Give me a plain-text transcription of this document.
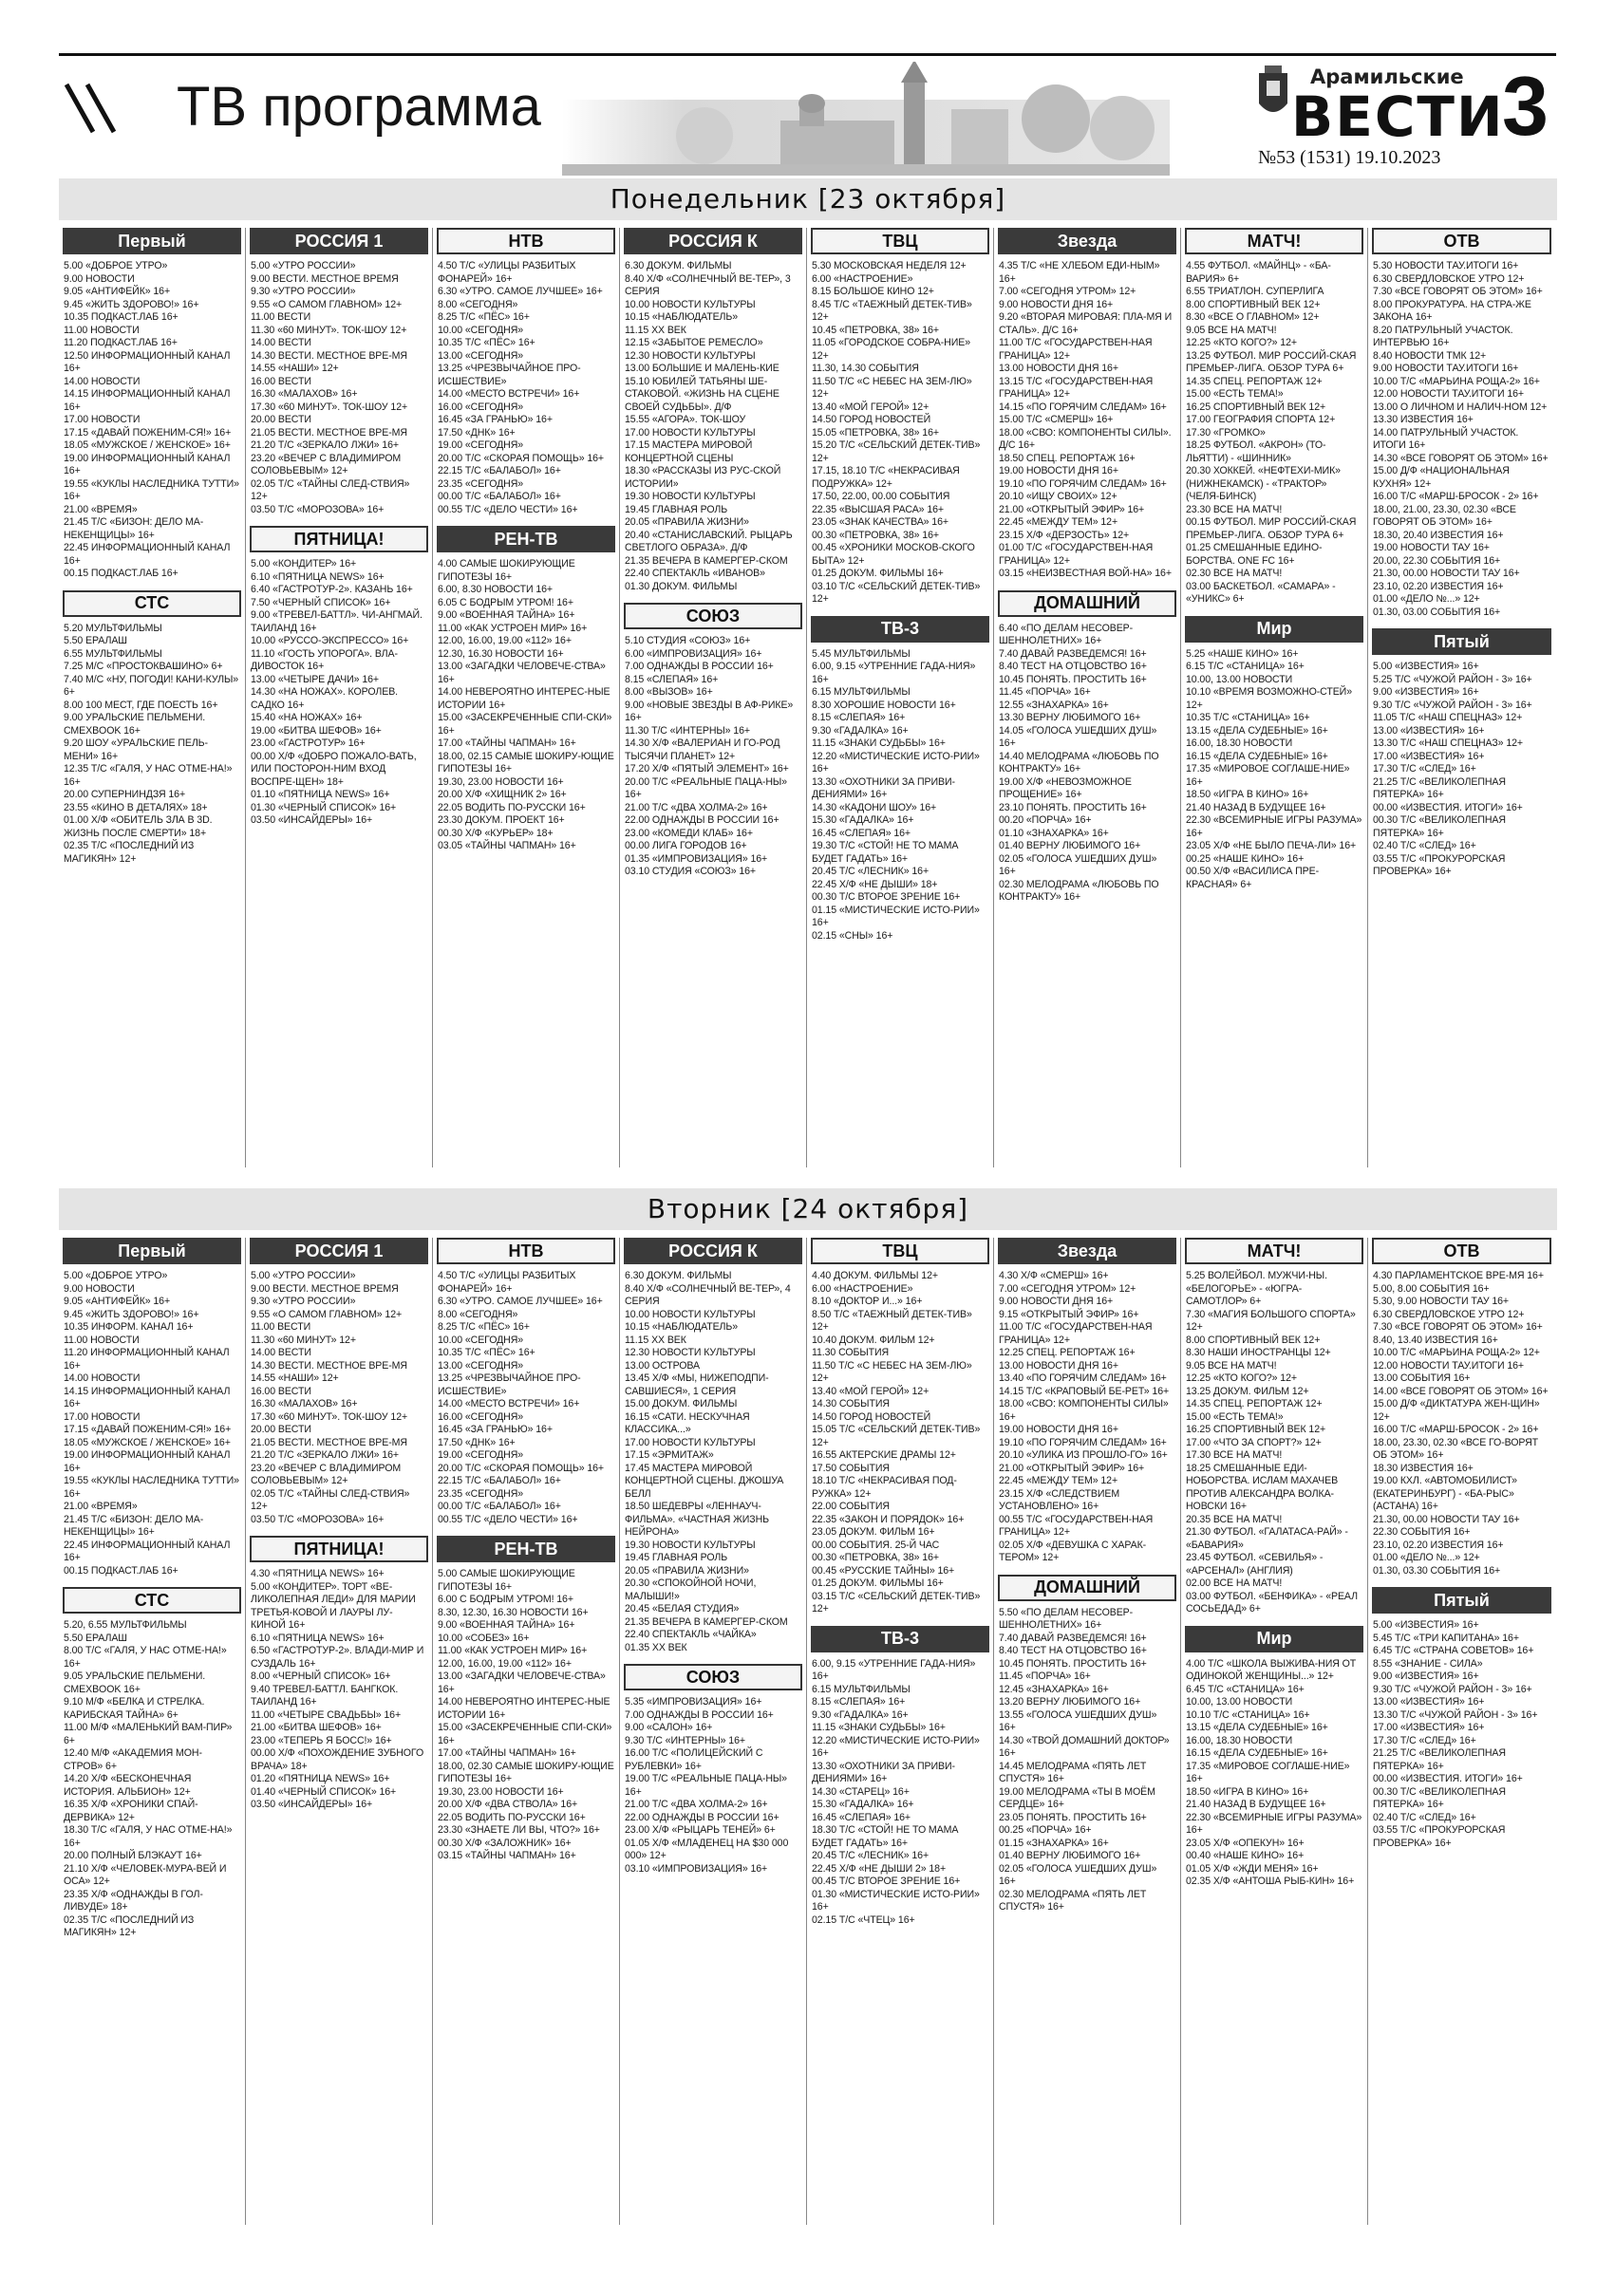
ТВ программа	Арамильские
ВЕСТИ
№53 (1531) 19.10.2023
3
Понедельник [23 октября]
Первый
5.00 «ДОБРОЕ УТРО»
9.00 НОВОСТИ
9.05 «АНТИФЕЙК» 16+
9.45 «ЖИТЬ ЗДОРОВО!» 16+
10.35 ПОДКАСТ.ЛАБ 16+
11.00 НОВОСТИ
11.20 ПОДКАСТ.ЛАБ 16+
12.50 ИНФОРМАЦИОННЫЙ КАНАЛ 16+
14.00 НОВОСТИ
14.15 ИНФОРМАЦИОННЫЙ КАНАЛ 16+
17.00 НОВОСТИ
17.15 «ДАВАЙ ПОЖЕНИМ-СЯ!» 16+
18.05 «МУЖСКОЕ / ЖЕНСКОЕ» 16+
19.00 ИНФОРМАЦИОННЫЙ КАНАЛ 16+
19.55 «КУКЛЫ НАСЛЕДНИКА ТУТТИ» 16+
21.00 «ВРЕМЯ»
21.45 Т/С «БИЗОН: ДЕЛО МА-НЕКЕНЩИЦЫ» 16+
22.45 ИНФОРМАЦИОННЫЙ КАНАЛ 16+
00.15 ПОДКАСТ.ЛАБ 16+
СТС
5.20 МУЛЬТФИЛЬМЫ
5.50 ЕРАЛАШ
6.55 МУЛЬТФИЛЬМЫ
7.25 М/С «ПРОСТОКВАШИНО» 6+
7.40 М/С «НУ, ПОГОДИ! КАНИ-КУЛЫ» 6+
8.00 100 МЕСТ, ГДЕ ПОЕСТЬ 16+
9.00 УРАЛЬСКИЕ ПЕЛЬМЕНИ. СМЕХBOOK 16+
9.20 ШОУ «УРАЛЬСКИЕ ПЕЛЬ-МЕНИ» 16+
12.35 Т/С «ГАЛЯ, У НАС ОТМЕ-НА!» 16+
20.00 СУПЕРНИНДЗЯ 16+
23.55 «КИНО В ДЕТАЛЯХ» 18+
01.00 Х/Ф «ОБИТЕЛЬ ЗЛА В 3D. ЖИЗНЬ ПОСЛЕ СМЕРТИ» 18+
02.35 Т/С «ПОСЛЕДНИЙ ИЗ МАГИКЯН» 12+
РОССИЯ 1
5.00 «УТРО РОССИИ»
9.00 ВЕСТИ. МЕСТНОЕ ВРЕМЯ
9.30 «УТРО РОССИИ»
9.55 «О САМОМ ГЛАВНОМ» 12+
11.00 ВЕСТИ
11.30 «60 МИНУТ». ТОК-ШОУ 12+
14.00 ВЕСТИ
14.30 ВЕСТИ. МЕСТНОЕ ВРЕ-МЯ
14.55 «НАШИ» 12+
16.00 ВЕСТИ
16.30 «МАЛАХОВ» 16+
17.30 «60 МИНУТ». ТОК-ШОУ 12+
20.00 ВЕСТИ
21.05 ВЕСТИ. МЕСТНОЕ ВРЕ-МЯ
21.20 Т/С «ЗЕРКАЛО ЛЖИ» 16+
23.20 «ВЕЧЕР С ВЛАДИМИРОМ СОЛОВЬЕВЫМ» 12+
02.05 Т/С «ТАЙНЫ СЛЕД-СТВИЯ» 12+
03.50 Т/С «МОРОЗОВА» 16+
ПЯТНИЦА!
5.00 «КОНДИТЕР» 16+
6.10 «ПЯТНИЦА NEWS» 16+
6.40 «ГАСТРОТУР-2». КАЗАНЬ 16+
7.50 «ЧЕРНЫЙ СПИСОК» 16+
9.00 «ТРЕВЕЛ-БАТТЛ». ЧИ-АНГМАЙ. ТАИЛАНД 16+
10.00 «РУССО-ЭКСПРЕССО» 16+
11.10 «ГОСТЬ УПОРОГА». ВЛА-ДИВОСТОК 16+
13.00 «ЧЕТЫРЕ ДАЧИ» 16+
14.30 «НА НОЖАХ». КОРОЛЕВ. САДКО 16+
15.40 «НА НОЖАХ» 16+
19.00 «БИТВА ШЕФОВ» 16+
23.00 «ГАСТРОТУР» 16+
00.00 Х/Ф «ДОБРО ПОЖАЛО-ВАТЬ, ИЛИ ПОСТОРОН-НИМ ВХОД ВОСПРЕ-ЩЕН» 18+
01.10 «ПЯТНИЦА NEWS» 16+
01.30 «ЧЕРНЫЙ СПИСОК» 16+
03.50 «ИНСАЙДЕРЫ» 16+
НТВ
4.50 Т/С «УЛИЦЫ РАЗБИТЫХ ФОНАРЕЙ» 16+
6.30 «УТРО. САМОЕ ЛУЧШЕЕ» 16+
8.00 «СЕГОДНЯ»
8.25 Т/С «ПЁС» 16+
10.00 «СЕГОДНЯ»
10.35 Т/С «ПЁС» 16+
13.00 «СЕГОДНЯ»
13.25 «ЧРЕЗВЫЧАЙНОЕ ПРО-ИСШЕСТВИЕ»
14.00 «МЕСТО ВСТРЕЧИ» 16+
16.00 «СЕГОДНЯ»
16.45 «ЗА ГРАНЬЮ» 16+
17.50 «ДНК» 16+
19.00 «СЕГОДНЯ»
20.00 Т/С «СКОРАЯ ПОМОЩЬ» 16+
22.15 Т/С «БАЛАБОЛ» 16+
23.35 «СЕГОДНЯ»
00.00 Т/С «БАЛАБОЛ» 16+
00.55 Т/С «ДЕЛО ЧЕСТИ» 16+
РЕН-ТВ
4.00 САМЫЕ ШОКИРУЮЩИЕ ГИПОТЕЗЫ 16+
6.00, 8.30 НОВОСТИ 16+
6.05 С БОДРЫМ УТРОМ! 16+
9.00 «ВОЕННАЯ ТАЙНА» 16+
11.00 «КАК УСТРОЕН МИР» 16+
12.00, 16.00, 19.00 «112» 16+
12.30, 16.30 НОВОСТИ 16+
13.00 «ЗАГАДКИ ЧЕЛОВЕЧЕ-СТВА» 16+
14.00 НЕВЕРОЯТНО ИНТЕРЕС-НЫЕ ИСТОРИИ 16+
15.00 «ЗАСЕКРЕЧЕННЫЕ СПИ-СКИ» 16+
17.00 «ТАЙНЫ ЧАПМАН» 16+
18.00, 02.15 САМЫЕ ШОКИРУ-ЮЩИЕ ГИПОТЕЗЫ 16+
19.30, 23.00 НОВОСТИ 16+
20.00 Х/Ф «ХИЩНИК 2» 16+
22.05 ВОДИТЬ ПО-РУССКИ 16+
23.30 ДОКУМ. ПРОЕКТ 16+
00.30 Х/Ф «КУРЬЕР» 18+
03.05 «ТАЙНЫ ЧАПМАН» 16+
РОССИЯ К
6.30 ДОКУМ. ФИЛЬМЫ
8.40 Х/Ф «СОЛНЕЧНЫЙ ВЕ-ТЕР», 3 СЕРИЯ
10.00 НОВОСТИ КУЛЬТУРЫ
10.15 «НАБЛЮДАТЕЛЬ»
11.15 ХХ ВЕК
12.15 «ЗАБЫТОЕ РЕМЕСЛО»
12.30 НОВОСТИ КУЛЬТУРЫ
13.00 БОЛЬШИЕ И МАЛЕНЬ-КИЕ
15.10 ЮБИЛЕЙ ТАТЬЯНЫ ШЕ-СТАКОВОЙ. «ЖИЗНЬ НА СЦЕНЕ СВОЕЙ СУДЬБЫ». Д/Ф
15.55 «АГОРА». ТОК-ШОУ
17.00 НОВОСТИ КУЛЬТУРЫ
17.15 МАСТЕРА МИРОВОЙ КОНЦЕРТНОЙ СЦЕНЫ
18.30 «РАССКАЗЫ ИЗ РУС-СКОЙ ИСТОРИИ»
19.30 НОВОСТИ КУЛЬТУРЫ
19.45 ГЛАВНАЯ РОЛЬ
20.05 «ПРАВИЛА ЖИЗНИ»
20.40 «СТАНИСЛАВСКИЙ. РЫЦАРЬ СВЕТЛОГО ОБРАЗА». Д/Ф
21.35 ВЕЧЕРА В КАМЕРГЕР-СКОМ
22.40 СПЕКТАКЛЬ «ИВАНОВ»
01.30 ДОКУМ. ФИЛЬМЫ
СОЮЗ
5.10 СТУДИЯ «СОЮЗ» 16+
6.00 «ИМПРОВИЗАЦИЯ» 16+
7.00 ОДНАЖДЫ В РОССИИ 16+
8.15 «СЛЕПАЯ» 16+
8.00 «ВЫЗОВ» 16+
9.00 «НОВЫЕ ЗВЕЗДЫ В АФ-РИКЕ» 16+
11.30 Т/С «ИНТЕРНЫ» 16+
14.30 Х/Ф «ВАЛЕРИАН И ГО-РОД ТЫСЯЧИ ПЛАНЕТ» 12+
17.20 Х/Ф «ПЯТЫЙ ЭЛЕМЕНТ» 16+
20.00 Т/С «РЕАЛЬНЫЕ ПАЦА-НЫ» 16+
21.00 Т/С «ДВА ХОЛМА-2» 16+
22.00 ОДНАЖДЫ В РОССИИ 16+
23.00 «КОМЕДИ КЛАБ» 16+
00.00 ЛИГА ГОРОДОВ 16+
01.35 «ИМПРОВИЗАЦИЯ» 16+
03.10 СТУДИЯ «СОЮЗ» 16+
ТВЦ
5.30 МОСКОВСКАЯ НЕДЕЛЯ 12+
6.00 «НАСТРОЕНИЕ»
8.15 БОЛЬШОЕ КИНО 12+
8.45 Т/С «ТАЕЖНЫЙ ДЕТЕК-ТИВ» 12+
10.45 «ПЕТРОВКА, 38» 16+
11.05 «ГОРОДСКОЕ СОБРА-НИЕ» 12+
11.30, 14.30 СОБЫТИЯ
11.50 Т/С «С НЕБЕС НА ЗЕМ-ЛЮ» 12+
13.40 «МОЙ ГЕРОЙ» 12+
14.50 ГОРОД НОВОСТЕЙ
15.05 «ПЕТРОВКА, 38» 16+
15.20 Т/С «СЕЛЬСКИЙ ДЕТЕК-ТИВ» 12+
17.15, 18.10 Т/С «НЕКРАСИВАЯ ПОДРУЖКА» 12+
17.50, 22.00, 00.00 СОБЫТИЯ
22.35 «ВЫСШАЯ РАСА» 16+
23.05 «ЗНАК КАЧЕСТВА» 16+
00.30 «ПЕТРОВКА, 38» 16+
00.45 «ХРОНИКИ МОСКОВ-СКОГО БЫТА» 12+
01.25 ДОКУМ. ФИЛЬМЫ 16+
03.10 Т/С «СЕЛЬСКИЙ ДЕТЕК-ТИВ» 12+
ТВ-3
5.45 МУЛЬТФИЛЬМЫ
6.00, 9.15 «УТРЕННИЕ ГАДА-НИЯ» 16+
6.15 МУЛЬТФИЛЬМЫ
8.30 ХОРОШИЕ НОВОСТИ 16+
8.15 «СЛЕПАЯ» 16+
9.30 «ГАДАЛКА» 16+
11.15 «ЗНАКИ СУДЬБЫ» 16+
12.20 «МИСТИЧЕСКИЕ ИСТО-РИИ» 16+
13.30 «ОХОТНИКИ ЗА ПРИВИ-ДЕНИЯМИ» 16+
14.30 «КАДОНИ ШОУ» 16+
15.30 «ГАДАЛКА» 16+
16.45 «СЛЕПАЯ» 16+
19.30 Т/С «СТОЙ! НЕ ТО МАМА БУДЕТ ГАДАТЬ» 16+
20.45 Т/С «ЛЕСНИК» 16+
22.45 Х/Ф «НЕ ДЫШИ» 18+
00.30 Т/С ВТОРОЕ ЗРЕНИЕ 16+
01.15 «МИСТИЧЕСКИЕ ИСТО-РИИ» 16+
02.15 «СНЫ» 16+
Звезда
4.35 Т/С «НЕ ХЛЕБОМ ЕДИ-НЫМ» 16+
7.00 «СЕГОДНЯ УТРОМ» 12+
9.00 НОВОСТИ ДНЯ 16+
9.20 «ВТОРАЯ МИРОВАЯ: ПЛА-МЯ И СТАЛЬ». Д/С 16+
11.00 Т/С «ГОСУДАРСТВЕН-НАЯ ГРАНИЦА» 12+
13.00 НОВОСТИ ДНЯ 16+
13.15 Т/С «ГОСУДАРСТВЕН-НАЯ ГРАНИЦА» 12+
14.15 «ПО ГОРЯЧИМ СЛЕДАМ» 16+
15.00 Т/С «СМЕРШ» 16+
18.00 «СВО: КОМПОНЕНТЫ СИЛЫ». Д/С 16+
18.50 СПЕЦ. РЕПОРТАЖ 16+
19.00 НОВОСТИ ДНЯ 16+
19.10 «ПО ГОРЯЧИМ СЛЕДАМ» 16+
20.10 «ИЩУ СВОИХ» 12+
21.00 «ОТКРЫТЫЙ ЭФИР» 16+
22.45 «МЕЖДУ ТЕМ» 12+
23.15 Х/Ф «ДЕРЗОСТЬ» 12+
01.00 Т/С «ГОСУДАРСТВЕН-НАЯ ГРАНИЦА» 12+
03.15 «НЕИЗВЕСТНАЯ ВОЙ-НА» 16+
ДОМАШНИЙ
6.40 «ПО ДЕЛАМ НЕСОВЕР-ШЕННОЛЕТНИХ» 16+
7.40 ДАВАЙ РАЗВЕДЕМСЯ! 16+
8.40 ТЕСТ НА ОТЦОВСТВО 16+
10.45 ПОНЯТЬ. ПРОСТИТЬ 16+
11.45 «ПОРЧА» 16+
12.55 «ЗНАХАРКА» 16+
13.30 ВЕРНУ ЛЮБИМОГО 16+
14.05 «ГОЛОСА УШЕДШИХ ДУШ» 16+
14.40 МЕЛОДРАМА «ЛЮБОВЬ ПО КОНТРАКТУ» 16+
19.00 Х/Ф «НЕВОЗМОЖНОЕ ПРОЩЕНИЕ» 16+
23.10 ПОНЯТЬ. ПРОСТИТЬ 16+
00.20 «ПОРЧА» 16+
01.10 «ЗНАХАРКА» 16+
01.40 ВЕРНУ ЛЮБИМОГО 16+
02.05 «ГОЛОСА УШЕДШИХ ДУШ» 16+
02.30 МЕЛОДРАМА «ЛЮБОВЬ ПО КОНТРАКТУ» 16+
МАТЧ!
4.55 ФУТБОЛ. «МАЙНЦ» - «БА-ВАРИЯ» 6+
6.55 ТРИАТЛОН. СУПЕРЛИГА
8.00 СПОРТИВНЫЙ ВЕК 12+
8.30 «ВСЕ О ГЛАВНОМ» 12+
9.05 ВСЕ НА МАТЧ!
12.25 «КТО КОГО?» 12+
13.25 ФУТБОЛ. МИР РОССИЙ-СКАЯ ПРЕМЬЕР-ЛИГА. ОБЗОР ТУРА 6+
14.35 СПЕЦ. РЕПОРТАЖ 12+
15.00 «ЕСТЬ ТЕМА!»
16.25 СПОРТИВНЫЙ ВЕК 12+
17.00 ГЕОГРАФИЯ СПОРТА 12+
17.30 «ГРОМКО»
18.25 ФУТБОЛ. «АКРОН» (ТО-ЛЬЯТТИ) - «ШИННИК»
20.30 ХОККЕЙ. «НЕФТЕХИ-МИК» (НИЖНЕКАМСК) - «ТРАКТОР» (ЧЕЛЯ-БИНСК)
23.30 ВСЕ НА МАТЧ!
00.15 ФУТБОЛ. МИР РОССИЙ-СКАЯ ПРЕМЬЕР-ЛИГА. ОБЗОР ТУРА 6+
01.25 СМЕШАННЫЕ ЕДИНО-БОРСТВА. ONE FC 16+
02.30 ВСЕ НА МАТЧ!
03.00 БАСКЕТБОЛ. «САМАРА» - «УНИКС» 6+
Мир
5.25 «НАШЕ КИНО» 16+
6.15 Т/С «СТАНИЦА» 16+
10.00, 13.00 НОВОСТИ
10.10 «ВРЕМЯ ВОЗМОЖНО-СТЕЙ» 12+
10.35 Т/С «СТАНИЦА» 16+
13.15 «ДЕЛА СУДЕБНЫЕ» 16+
16.00, 18.30 НОВОСТИ
16.15 «ДЕЛА СУДЕБНЫЕ» 16+
17.35 «МИРОВОЕ СОГЛАШЕ-НИЕ» 16+
18.50 «ИГРА В КИНО» 16+
21.40 НАЗАД В БУДУЩЕЕ 16+
22.30 «ВСЕМИРНЫЕ ИГРЫ РАЗУМА» 16+
23.05 Х/Ф «НЕ БЫЛО ПЕЧА-ЛИ» 16+
00.25 «НАШЕ КИНО» 16+
00.50 Х/Ф «ВАСИЛИСА ПРЕ-КРАСНАЯ» 6+
ОТВ
5.30 НОВОСТИ ТАУ.ИТОГИ 16+
6.30 СВЕРДЛОВСКОЕ УТРО 12+
7.30 «ВСЕ ГОВОРЯТ ОБ ЭТОМ» 16+
8.00 ПРОКУРАТУРА. НА СТРА-ЖЕ ЗАКОНА 16+
8.20 ПАТРУЛЬНЫЙ УЧАСТОК. ИНТЕРВЬЮ 16+
8.40 НОВОСТИ ТМК 12+
9.00 НОВОСТИ ТАУ.ИТОГИ 16+
10.00 Т/С «МАРЬИНА РОЩА-2» 16+
12.00 НОВОСТИ ТАУ.ИТОГИ 16+
13.00 О ЛИЧНОМ И НАЛИЧ-НОМ 12+
13.30 ИЗВЕСТИЯ 16+
14.00 ПАТРУЛЬНЫЙ УЧАСТОК. ИТОГИ 16+
14.30 «ВСЕ ГОВОРЯТ ОБ ЭТОМ» 16+
15.00 Д/Ф «НАЦИОНАЛЬНАЯ КУХНЯ» 12+
16.00 Т/С «МАРШ-БРОСОК - 2» 16+
18.00, 21.00, 23.30, 02.30 «ВСЕ ГОВОРЯТ ОБ ЭТОМ» 16+
18.30, 20.40 ИЗВЕСТИЯ 16+
19.00 НОВОСТИ ТАУ 16+
20.00, 22.30 СОБЫТИЯ 16+
21.30, 00.00 НОВОСТИ ТАУ 16+
23.10, 02.20 ИЗВЕСТИЯ 16+
01.00 «ДЕЛО №...» 12+
01.30, 03.00 СОБЫТИЯ 16+
Пятый
5.00 «ИЗВЕСТИЯ» 16+
5.25 Т/С «ЧУЖОЙ РАЙОН - 3» 16+
9.00 «ИЗВЕСТИЯ» 16+
9.30 Т/С «ЧУЖОЙ РАЙОН - 3» 16+
11.05 Т/С «НАШ СПЕЦНАЗ» 12+
13.00 «ИЗВЕСТИЯ» 16+
13.30 Т/С «НАШ СПЕЦНАЗ» 12+
17.00 «ИЗВЕСТИЯ» 16+
17.30 Т/С «СЛЕД» 16+
21.25 Т/С «ВЕЛИКОЛЕПНАЯ ПЯТЕРКА» 16+
00.00 «ИЗВЕСТИЯ. ИТОГИ» 16+
00.30 Т/С «ВЕЛИКОЛЕПНАЯ ПЯТЕРКА» 16+
02.40 Т/С «СЛЕД» 16+
03.55 Т/С «ПРОКУРОРСКАЯ ПРОВЕРКА» 16+
Вторник [24 октября]
Первый
5.00 «ДОБРОЕ УТРО»
9.00 НОВОСТИ
9.05 «АНТИФЕЙК» 16+
9.45 «ЖИТЬ ЗДОРОВО!» 16+
10.35 ИНФОРМ. КАНАЛ 16+
11.00 НОВОСТИ
11.20 ИНФОРМАЦИОННЫЙ КАНАЛ 16+
14.00 НОВОСТИ
14.15 ИНФОРМАЦИОННЫЙ КАНАЛ 16+
17.00 НОВОСТИ
17.15 «ДАВАЙ ПОЖЕНИМ-СЯ!» 16+
18.05 «МУЖСКОЕ / ЖЕНСКОЕ» 16+
19.00 ИНФОРМАЦИОННЫЙ КАНАЛ 16+
19.55 «КУКЛЫ НАСЛЕДНИКА ТУТТИ» 16+
21.00 «ВРЕМЯ»
21.45 Т/С «БИЗОН: ДЕЛО МА-НЕКЕНЩИЦЫ» 16+
22.45 ИНФОРМАЦИОННЫЙ КАНАЛ 16+
00.15 ПОДКАСТ.ЛАБ 16+
СТС
5.20, 6.55 МУЛЬТФИЛЬМЫ
5.50 ЕРАЛАШ
8.00 Т/С «ГАЛЯ, У НАС ОТМЕ-НА!» 16+
9.05 УРАЛЬСКИЕ ПЕЛЬМЕНИ. СМЕХBOOK 16+
9.10 М/Ф «БЕЛКА И СТРЕЛКА. КАРИБСКАЯ ТАЙНА» 6+
11.00 М/Ф «МАЛЕНЬКИЙ ВАМ-ПИР» 6+
12.40 М/Ф «АКАДЕМИЯ МОН-СТРОВ» 6+
14.20 Х/Ф «БЕСКОНЕЧНАЯ ИСТОРИЯ. АЛЬБИОН» 12+
16.35 Х/Ф «ХРОНИКИ СПАЙ-ДЕРВИКА» 12+
18.30 Т/С «ГАЛЯ, У НАС ОТМЕ-НА!» 16+
20.00 ПОЛНЫЙ БЛЭКАУТ 16+
21.10 Х/Ф «ЧЕЛОВЕК-МУРА-ВЕЙ И ОСА» 12+
23.35 Х/Ф «ОДНАЖДЫ В ГОЛ-ЛИВУДЕ» 18+
02.35 Т/С «ПОСЛЕДНИЙ ИЗ МАГИКЯН» 12+
РОССИЯ 1
5.00 «УТРО РОССИИ»
9.00 ВЕСТИ. МЕСТНОЕ ВРЕМЯ
9.30 «УТРО РОССИИ»
9.55 «О САМОМ ГЛАВНОМ» 12+
11.00 ВЕСТИ
11.30 «60 МИНУТ» 12+
14.00 ВЕСТИ
14.30 ВЕСТИ. МЕСТНОЕ ВРЕ-МЯ
14.55 «НАШИ» 12+
16.00 ВЕСТИ
16.30 «МАЛАХОВ» 16+
17.30 «60 МИНУТ». ТОК-ШОУ 12+
20.00 ВЕСТИ
21.05 ВЕСТИ. МЕСТНОЕ ВРЕ-МЯ
21.20 Т/С «ЗЕРКАЛО ЛЖИ» 16+
23.20 «ВЕЧЕР С ВЛАДИМИРОМ СОЛОВЬЕВЫМ» 12+
02.05 Т/С «ТАЙНЫ СЛЕД-СТВИЯ» 12+
03.50 Т/С «МОРОЗОВА» 16+
ПЯТНИЦА!
4.30 «ПЯТНИЦА NEWS» 16+
5.00 «КОНДИТЕР». ТОРТ «ВЕ-ЛИКОЛЕПНАЯ ЛЕДИ» ДЛЯ МАРИИ ТРЕТЬЯ-КОВОЙ И ЛАУРЫ ЛУ-КИНОЙ 16+
6.10 «ПЯТНИЦА NEWS» 16+
6.50 «ГАСТРОТУР-2». ВЛАДИ-МИР И СУЗДАЛЬ 16+
8.00 «ЧЕРНЫЙ СПИСОК» 16+
9.40 ТРЕВЕЛ-БАТТЛ. БАНГКОК. ТАИЛАНД 16+
11.00 «ЧЕТЫРЕ СВАДЬБЫ» 16+
21.00 «БИТВА ШЕФОВ» 16+
23.00 «ТЕПЕРЬ Я БОСС!» 16+
00.00 Х/Ф «ПОХОЖДЕНИЕ ЗУБНОГО ВРАЧА» 18+
01.20 «ПЯТНИЦА NEWS» 16+
01.40 «ЧЕРНЫЙ СПИСОК» 16+
03.50 «ИНСАЙДЕРЫ» 16+
НТВ
4.50 Т/С «УЛИЦЫ РАЗБИТЫХ ФОНАРЕЙ» 16+
6.30 «УТРО. САМОЕ ЛУЧШЕЕ» 16+
8.00 «СЕГОДНЯ»
8.25 Т/С «ПЁС» 16+
10.00 «СЕГОДНЯ»
10.35 Т/С «ПЁС» 16+
13.00 «СЕГОДНЯ»
13.25 «ЧРЕЗВЫЧАЙНОЕ ПРО-ИСШЕСТВИЕ»
14.00 «МЕСТО ВСТРЕЧИ» 16+
16.00 «СЕГОДНЯ»
16.45 «ЗА ГРАНЬЮ» 16+
17.50 «ДНК» 16+
19.00 «СЕГОДНЯ»
20.00 Т/С «СКОРАЯ ПОМОЩЬ» 16+
22.15 Т/С «БАЛАБОЛ» 16+
23.35 «СЕГОДНЯ»
00.00 Т/С «БАЛАБОЛ» 16+
00.55 Т/С «ДЕЛО ЧЕСТИ» 16+
РЕН-ТВ
5.00 САМЫЕ ШОКИРУЮЩИЕ ГИПОТЕЗЫ 16+
6.00 С БОДРЫМ УТРОМ! 16+
8.30, 12.30, 16.30 НОВОСТИ 16+
9.00 «ВОЕННАЯ ТАЙНА» 16+
10.00 «СОБЕЗ» 16+
11.00 «КАК УСТРОЕН МИР» 16+
12.00, 16.00, 19.00 «112» 16+
13.00 «ЗАГАДКИ ЧЕЛОВЕЧЕ-СТВА» 16+
14.00 НЕВЕРОЯТНО ИНТЕРЕС-НЫЕ ИСТОРИИ 16+
15.00 «ЗАСЕКРЕЧЕННЫЕ СПИ-СКИ» 16+
17.00 «ТАЙНЫ ЧАПМАН» 16+
18.00, 02.30 САМЫЕ ШОКИРУ-ЮЩИЕ ГИПОТЕЗЫ 16+
19.30, 23.00 НОВОСТИ 16+
20.00 Х/Ф «ДВА СТВОЛА» 16+
22.05 ВОДИТЬ ПО-РУССКИ 16+
23.30 «ЗНАЕТЕ ЛИ ВЫ, ЧТО?» 16+
00.30 Х/Ф «ЗАЛОЖНИК» 16+
03.15 «ТАЙНЫ ЧАПМАН» 16+
РОССИЯ К
6.30 ДОКУМ. ФИЛЬМЫ
8.40 Х/Ф «СОЛНЕЧНЫЙ ВЕ-ТЕР», 4 СЕРИЯ
10.00 НОВОСТИ КУЛЬТУРЫ
10.15 «НАБЛЮДАТЕЛЬ»
11.15 ХХ ВЕК
12.30 НОВОСТИ КУЛЬТУРЫ
13.00 ОСТРОВА
13.45 Х/Ф «МЫ, НИЖЕПОДПИ-САВШИЕСЯ», 1 СЕРИЯ
15.00 ДОКУМ. ФИЛЬМЫ
16.15 «САТИ. НЕСКУЧНАЯ КЛАССИКА...»
17.00 НОВОСТИ КУЛЬТУРЫ
17.15 «ЭРМИТАЖ»
17.45 МАСТЕРА МИРОВОЙ КОНЦЕРТНОЙ СЦЕНЫ. ДЖОШУА БЕЛЛ
18.50 ШЕДЕВРЫ «ЛЕННАУЧ-ФИЛЬМА». «ЧАСТНАЯ ЖИЗНЬ НЕЙРОНА»
19.30 НОВОСТИ КУЛЬТУРЫ
19.45 ГЛАВНАЯ РОЛЬ
20.05 «ПРАВИЛА ЖИЗНИ»
20.30 «СПОКОЙНОЙ НОЧИ, МАЛЫШИ!»
20.45 «БЕЛАЯ СТУДИЯ»
21.35 ВЕЧЕРА В КАМЕРГЕР-СКОМ
22.40 СПЕКТАКЛЬ «ЧАЙКА»
01.35 ХХ ВЕК
СОЮЗ
5.35 «ИМПРОВИЗАЦИЯ» 16+
7.00 ОДНАЖДЫ В РОССИИ 16+
9.00 «САЛОН» 16+
9.30 Т/С «ИНТЕРНЫ» 16+
16.00 Т/С «ПОЛИЦЕЙСКИЙ С РУБЛЕВКИ» 16+
19.00 Т/С «РЕАЛЬНЫЕ ПАЦА-НЫ» 16+
21.00 Т/С «ДВА ХОЛМА-2» 16+
22.00 ОДНАЖДЫ В РОССИИ 16+
23.00 Х/Ф «РЫЦАРЬ ТЕНЕЙ» 6+
01.05 Х/Ф «МЛАДЕНЕЦ НА $30 000 000» 12+
03.10 «ИМПРОВИЗАЦИЯ» 16+
ТВЦ
4.40 ДОКУМ. ФИЛЬМЫ 12+
6.00 «НАСТРОЕНИЕ»
8.10 «ДОКТОР И...» 16+
8.50 Т/С «ТАЕЖНЫЙ ДЕТЕК-ТИВ» 12+
10.40 ДОКУМ. ФИЛЬМ 12+
11.30 СОБЫТИЯ
11.50 Т/С «С НЕБЕС НА ЗЕМ-ЛЮ» 12+
13.40 «МОЙ ГЕРОЙ» 12+
14.30 СОБЫТИЯ
14.50 ГОРОД НОВОСТЕЙ
15.05 Т/С «СЕЛЬСКИЙ ДЕТЕК-ТИВ» 12+
16.55 АКТЕРСКИЕ ДРАМЫ 12+
17.50 СОБЫТИЯ
18.10 Т/С «НЕКРАСИВАЯ ПОД-РУЖКА» 12+
22.00 СОБЫТИЯ
22.35 «ЗАКОН И ПОРЯДОК» 16+
23.05 ДОКУМ. ФИЛЬМ 16+
00.00 СОБЫТИЯ. 25-Й ЧАС
00.30 «ПЕТРОВКА, 38» 16+
00.45 «РУССКИЕ ТАЙНЫ» 16+
01.25 ДОКУМ. ФИЛЬМЫ 16+
03.15 Т/С «СЕЛЬСКИЙ ДЕТЕК-ТИВ» 12+
ТВ-3
6.00, 9.15 «УТРЕННИЕ ГАДА-НИЯ» 16+
6.15 МУЛЬТФИЛЬМЫ
8.15 «СЛЕПАЯ» 16+
9.30 «ГАДАЛКА» 16+
11.15 «ЗНАКИ СУДЬБЫ» 16+
12.20 «МИСТИЧЕСКИЕ ИСТО-РИИ» 16+
13.30 «ОХОТНИКИ ЗА ПРИВИ-ДЕНИЯМИ» 16+
14.30 «СТАРЕЦ» 16+
15.30 «ГАДАЛКА» 16+
16.45 «СЛЕПАЯ» 16+
18.30 Т/С «СТОЙ! НЕ ТО МАМА БУДЕТ ГАДАТЬ» 16+
20.45 Т/С «ЛЕСНИК» 16+
22.45 Х/Ф «НЕ ДЫШИ 2» 18+
00.45 Т/С ВТОРОЕ ЗРЕНИЕ 16+
01.30 «МИСТИЧЕСКИЕ ИСТО-РИИ» 16+
02.15 Т/С «ЧТЕЦ» 16+
Звезда
4.30 Х/Ф «СМЕРШ» 16+
7.00 «СЕГОДНЯ УТРОМ» 12+
9.00 НОВОСТИ ДНЯ 16+
9.15 «ОТКРЫТЫЙ ЭФИР» 16+
11.00 Т/С «ГОСУДАРСТВЕН-НАЯ ГРАНИЦА» 12+
12.25 СПЕЦ. РЕПОРТАЖ 16+
13.00 НОВОСТИ ДНЯ 16+
13.40 «ПО ГОРЯЧИМ СЛЕДАМ» 16+
14.15 Т/С «КРАПОВЫЙ БЕ-РЕТ» 16+
18.00 «СВО: КОМПОНЕНТЫ СИЛЫ» 16+
19.00 НОВОСТИ ДНЯ 16+
19.10 «ПО ГОРЯЧИМ СЛЕДАМ» 16+
20.10 «УЛИКА ИЗ ПРОШЛО-ГО» 16+
21.00 «ОТКРЫТЫЙ ЭФИР» 16+
22.45 «МЕЖДУ ТЕМ» 12+
23.15 Х/Ф «СЛЕДСТВИЕМ УСТАНОВЛЕНО» 16+
00.55 Т/С «ГОСУДАРСТВЕН-НАЯ ГРАНИЦА» 12+
02.05 Х/Ф «ДЕВУШКА С ХАРАК-ТЕРОМ» 12+
ДОМАШНИЙ
5.50 «ПО ДЕЛАМ НЕСОВЕР-ШЕННОЛЕТНИХ» 16+
7.40 ДАВАЙ РАЗВЕДЕМСЯ! 16+
8.40 ТЕСТ НА ОТЦОВСТВО 16+
10.45 ПОНЯТЬ. ПРОСТИТЬ 16+
11.45 «ПОРЧА» 16+
12.45 «ЗНАХАРКА» 16+
13.20 ВЕРНУ ЛЮБИМОГО 16+
13.55 «ГОЛОСА УШЕДШИХ ДУШ» 16+
14.30 «ТВОЙ ДОМАШНИЙ ДОКТОР» 16+
14.45 МЕЛОДРАМА «ПЯТЬ ЛЕТ СПУСТЯ» 16+
19.00 МЕЛОДРАМА «ТЫ В МОЁМ СЕРДЦЕ» 16+
23.05 ПОНЯТЬ. ПРОСТИТЬ 16+
00.25 «ПОРЧА» 16+
01.15 «ЗНАХАРКА» 16+
01.40 ВЕРНУ ЛЮБИМОГО 16+
02.05 «ГОЛОСА УШЕДШИХ ДУШ» 16+
02.30 МЕЛОДРАМА «ПЯТЬ ЛЕТ СПУСТЯ» 16+
МАТЧ!
5.25 ВОЛЕЙБОЛ. МУЖЧИ-НЫ. «БЕЛОГОРЬЕ» - «ЮГРА-САМОТЛОР» 6+
7.30 «МАГИЯ БОЛЬШОГО СПОРТА» 12+
8.00 СПОРТИВНЫЙ ВЕК 12+
8.30 НАШИ ИНОСТРАНЦЫ 12+
9.05 ВСЕ НА МАТЧ!
12.25 «КТО КОГО?» 12+
13.25 ДОКУМ. ФИЛЬМ 12+
14.35 СПЕЦ. РЕПОРТАЖ 12+
15.00 «ЕСТЬ ТЕМА!»
16.25 СПОРТИВНЫЙ ВЕК 12+
17.00 «ЧТО ЗА СПОРТ?» 12+
17.30 ВСЕ НА МАТЧ!
18.25 СМЕШАННЫЕ ЕДИ-НОБОРСТВА. ИСЛАМ МАХАЧЕВ ПРОТИВ АЛЕКСАНДРА ВОЛКА-НОВСКИ 16+
20.35 ВСЕ НА МАТЧ!
21.30 ФУТБОЛ. «ГАЛАТАСА-РАЙ» - «БАВАРИЯ»
23.45 ФУТБОЛ. «СЕВИЛЬЯ» - «АРСЕНАЛ» (АНГЛИЯ)
02.00 ВСЕ НА МАТЧ!
03.00 ФУТБОЛ. «БЕНФИКА» - «РЕАЛ СОСЬЕДАД» 6+
Мир
4.00 Т/С «ШКОЛА ВЫЖИВА-НИЯ ОТ ОДИНОКОЙ ЖЕНЩИНЫ...» 12+
6.45 Т/С «СТАНИЦА» 16+
10.00, 13.00 НОВОСТИ
10.10 Т/С «СТАНИЦА» 16+
13.15 «ДЕЛА СУДЕБНЫЕ» 16+
16.00, 18.30 НОВОСТИ
16.15 «ДЕЛА СУДЕБНЫЕ» 16+
17.35 «МИРОВОЕ СОГЛАШЕ-НИЕ» 16+
18.50 «ИГРА В КИНО» 16+
21.40 НАЗАД В БУДУЩЕЕ 16+
22.30 «ВСЕМИРНЫЕ ИГРЫ РАЗУМА» 16+
23.05 Х/Ф «ОПЕКУН» 16+
00.40 «НАШЕ КИНО» 16+
01.05 Х/Ф «ЖДИ МЕНЯ» 16+
02.35 Х/Ф «АНТОША РЫБ-КИН» 16+
ОТВ
4.30 ПАРЛАМЕНТСКОЕ ВРЕ-МЯ 16+
5.00, 8.00 СОБЫТИЯ 16+
5.30, 9.00 НОВОСТИ ТАУ 16+
6.30 СВЕРДЛОВСКОЕ УТРО 12+
7.30 «ВСЕ ГОВОРЯТ ОБ ЭТОМ» 16+
8.40, 13.40 ИЗВЕСТИЯ 16+
10.00 Т/С «МАРЬИНА РОЩА-2» 12+
12.00 НОВОСТИ ТАУ.ИТОГИ 16+
13.00 СОБЫТИЯ 16+
14.00 «ВСЕ ГОВОРЯТ ОБ ЭТОМ» 16+
15.00 Д/Ф «ДИКТАТУРА ЖЕН-ЩИН» 12+
16.00 Т/С «МАРШ-БРОСОК - 2» 16+
18.00, 23.30, 02.30 «ВСЕ ГО-ВОРЯТ ОБ ЭТОМ» 16+
18.30 ИЗВЕСТИЯ 16+
19.00 КХЛ. «АВТОМОБИЛИСТ» (ЕКАТЕРИНБУРГ) - «БА-РЫС» (АСТАНА) 16+
21.30, 00.00 НОВОСТИ ТАУ 16+
22.30 СОБЫТИЯ 16+
23.10, 02.20 ИЗВЕСТИЯ 16+
01.00 «ДЕЛО №...» 12+
01.30, 03.30 СОБЫТИЯ 16+
Пятый
5.00 «ИЗВЕСТИЯ» 16+
5.45 Т/С «ТРИ КАПИТАНА» 16+
6.45 Т/С «СТРАНА СОВЕТОВ» 16+
8.55 «ЗНАНИЕ - СИЛА»
9.00 «ИЗВЕСТИЯ» 16+
9.30 Т/С «ЧУЖОЙ РАЙОН - 3» 16+
13.00 «ИЗВЕСТИЯ» 16+
13.30 Т/С «ЧУЖОЙ РАЙОН - 3» 16+
17.00 «ИЗВЕСТИЯ» 16+
17.30 Т/С «СЛЕД» 16+
21.25 Т/С «ВЕЛИКОЛЕПНАЯ ПЯТЕРКА» 16+
00.00 «ИЗВЕСТИЯ. ИТОГИ» 16+
00.30 Т/С «ВЕЛИКОЛЕПНАЯ ПЯТЕРКА» 16+
02.40 Т/С «СЛЕД» 16+
03.55 Т/С «ПРОКУРОРСКАЯ ПРОВЕРКА» 16+
